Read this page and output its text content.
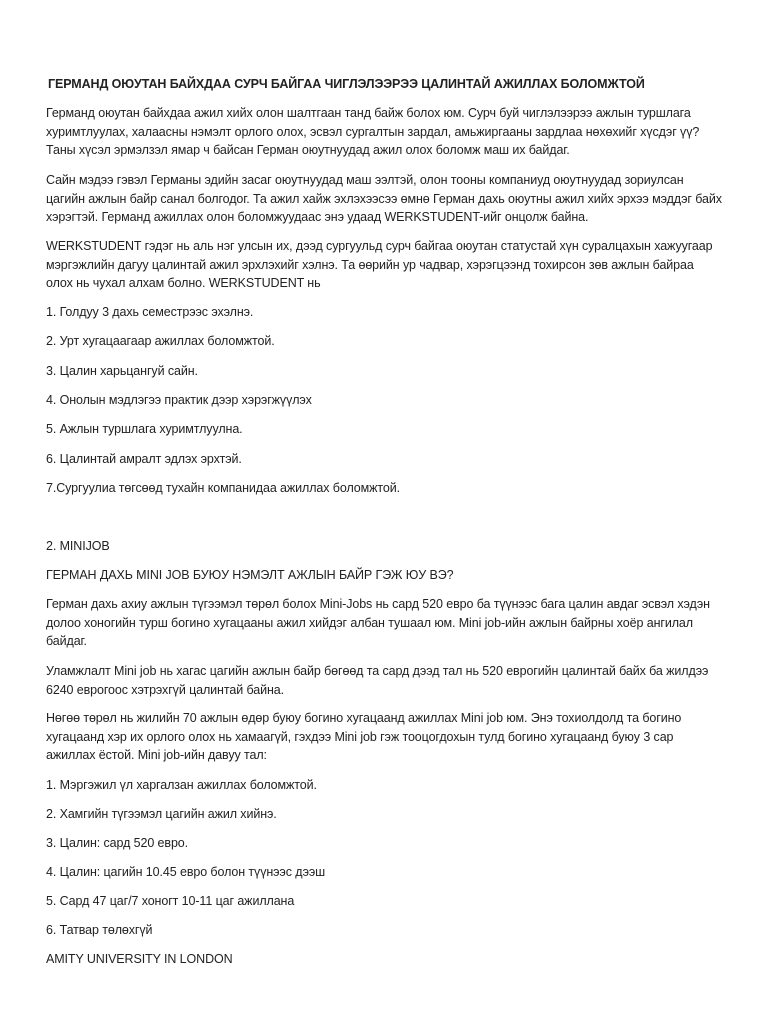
ГЕРМАНД ОЮУТАН БАЙХДАА СУРЧ БАЙГАА ЧИГЛЭЛЭЭРЭЭ ЦАЛИНТАЙ АЖИЛЛАХ БОЛОМЖТОЙ

Германд оюутан байхдаа ажил хийх олон шалтгаан танд байж болох юм. Сурч буй чиглэлээрээ ажлын туршлага хуримтлуулах, халаасны нэмэлт орлого олох, эсвэл сургалтын зардал, амьжиргааны зардлаа нөхөхийг хүсдэг үү? Таны хүсэл эрмэлзэл ямар ч байсан Герман оюутнуудад ажил олох боломж маш их байдаг.

Сайн мэдээ гэвэл Германы эдийн засаг оюутнуудад маш ээлтэй, олон тооны компаниуд оюутнуудад зориулсан цагийн ажлын байр санал болгодог. Та ажил хайж эхлэхээсээ өмнө Герман дахь оюутны ажил хийх эрхээ мэддэг байх хэрэгтэй. Германд ажиллах олон боломжуудаас энэ удаад WERKSTUDENT-ийг онцолж байна.

WERKSTUDENT гэдэг нь аль нэг улсын их, дээд сургуульд сурч байгаа оюутан статустай хүн суралцахын хажуугаар мэргэжлийн дагуу цалинтай ажил эрхлэхийг хэлнэ. Та өөрийн ур чадвар, хэрэгцээнд тохирсон зөв ажлын байраа олох нь чухал алхам болно. WERKSTUDENT нь

1. Голдуу 3 дахь семестрээс эхэлнэ.

2. Урт хугацаагаар ажиллах боломжтой.

3. Цалин харьцангуй сайн.

4. Онолын мэдлэгээ практик дээр хэрэгжүүлэх

5. Ажлын туршлага хуримтлуулна.

6. Цалинтай амралт эдлэх эрхтэй.

7.Сургуулиа төгсөөд тухайн компанидаа ажиллах боломжтой.

2. MINIJOB

ГЕРМАН ДАХЬ MINI JOB БУЮУ НЭМЭЛТ АЖЛЫН БАЙР ГЭЖ ЮУ ВЭ?

Герман дахь ахиу ажлын түгээмэл төрөл болох Mini-Jobs нь сард 520 евро ба түүнээс бага цалин авдаг эсвэл хэдэн долоо хоногийн турш богино хугацааны ажил хийдэг албан тушаал юм. Mini job-ийн ажлын байрны хоёр ангилал байдаг.

Уламжлалт Mini job нь хагас цагийн ажлын байр бөгөөд та сард дээд тал нь 520 еврогийн цалинтай байх ба жилдээ 6240 еврогоос хэтрэхгүй цалинтай байна.

Нөгөө төрөл нь жилийн 70 ажлын өдөр буюу богино хугацаанд ажиллах Mini job юм. Энэ тохиолдолд та богино хугацаанд хэр их орлого олох нь хамаагүй, гэхдээ Mini job гэж тооцогдохын тулд богино хугацаанд буюу 3 сар ажиллах ёстой. Mini job-ийн давуу тал:

1. Мэргэжил үл харгалзан ажиллах боломжтой.

2. Хамгийн түгээмэл цагийн ажил хийнэ.

3. Цалин: сард 520 евро.

4. Цалин: цагийн 10.45 евро болон түүнээс дээш

5. Сард 47 цаг/7 хоногт 10-11 цаг ажиллана

6. Татвар төлөхгүй

AMITY UNIVERSITY IN LONDON
